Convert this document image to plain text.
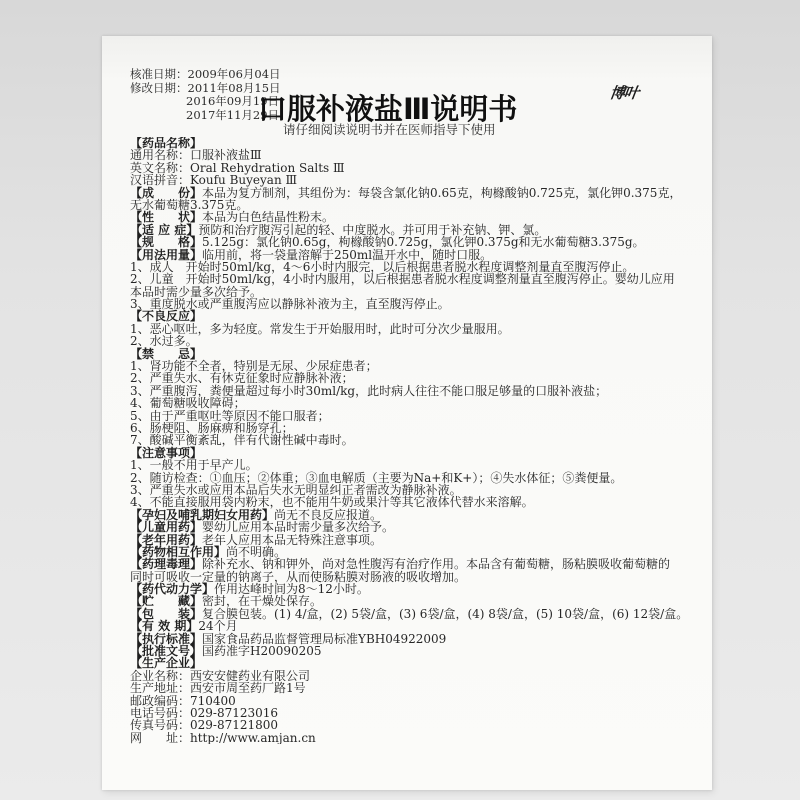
核准日期：2009年06月04日
修改日期：2011年08月15日
2016年09月19日
2017年11月29日
博叶
口服补液盐Ⅲ说明书
请仔细阅读说明书并在医师指导下使用
【药品名称】
通用名称：口服补液盐Ⅲ
英文名称：Oral Rehydration Salts Ⅲ
汉语拼音：Koufu Buyeyan Ⅲ
【成　　份】本品为复方制剂，其组份为：每袋含氯化钠0.65克，枸橼酸钠0.725克，氯化钾0.375克，
无水葡萄糖3.375克。
【性　　状】本品为白色结晶性粉末。
【适 应 症】预防和治疗腹泻引起的轻、中度脱水。并可用于补充钠、钾、氯。
【规　　格】5.125g：氯化钠0.65g，枸橼酸钠0.725g，氯化钾0.375g和无水葡萄糖3.375g。
【用法用量】临用前，将一袋量溶解于250ml温开水中，随时口服。
1、成人　开始时50ml/kg，4～6小时内服完，以后根据患者脱水程度调整剂量直至腹泻停止。
2、儿童　开始时50ml/kg，4小时内服用，以后根据患者脱水程度调整剂量直至腹泻停止。婴幼儿应用
本品时需少量多次给予。
3、重度脱水或严重腹泻应以静脉补液为主，直至腹泻停止。
【不良反应】
1、恶心呕吐，多为轻度。常发生于开始服用时，此时可分次少量服用。
2、水过多。
【禁　　忌】
1、肾功能不全者，特别是无尿、少尿症患者；
2、严重失水、有休克征象时应静脉补液；
3、严重腹泻，粪便量超过每小时30ml/kg，此时病人往往不能口服足够量的口服补液盐；
4、葡萄糖吸收障碍；
5、由于严重呕吐等原因不能口服者；
6、肠梗阻、肠麻痹和肠穿孔；
7、酸碱平衡紊乱，伴有代谢性碱中毒时。
【注意事项】
1、一般不用于早产儿。
2、随访检查：①血压；②体重；③血电解质（主要为Na+和K+）；④失水体征；⑤粪便量。
3、严重失水或应用本品后失水无明显纠正者需改为静脉补液。
4、不能直接服用袋内粉末，也不能用牛奶或果汁等其它液体代替水来溶解。
【孕妇及哺乳期妇女用药】尚无不良反应报道。
【儿童用药】婴幼儿应用本品时需少量多次给予。
【老年用药】老年人应用本品无特殊注意事项。
【药物相互作用】尚不明确。
【药理毒理】除补充水、钠和钾外，尚对急性腹泻有治疗作用。本品含有葡萄糖，肠粘膜吸收葡萄糖的
同时可吸收一定量的钠离子，从而使肠粘膜对肠液的吸收增加。
【药代动力学】作用达峰时间为8～12小时。
【贮　　藏】密封，在干燥处保存。
【包　　装】复合膜包装。(1) 4/盒，(2) 5袋/盒，(3) 6袋/盒，(4) 8袋/盒，(5) 10袋/盒，(6) 12袋/盒。
【有 效 期】24个月
【执行标准】国家食品药品监督管理局标准YBH04922009
【批准文号】国药准字H20090205
【生产企业】
企业名称：西安安健药业有限公司
生产地址：西安市周至药厂路1号
邮政编码：710400
电话号码：029-87123016
传真号码：029-87121800
网　　址：http://www.amjan.cn
